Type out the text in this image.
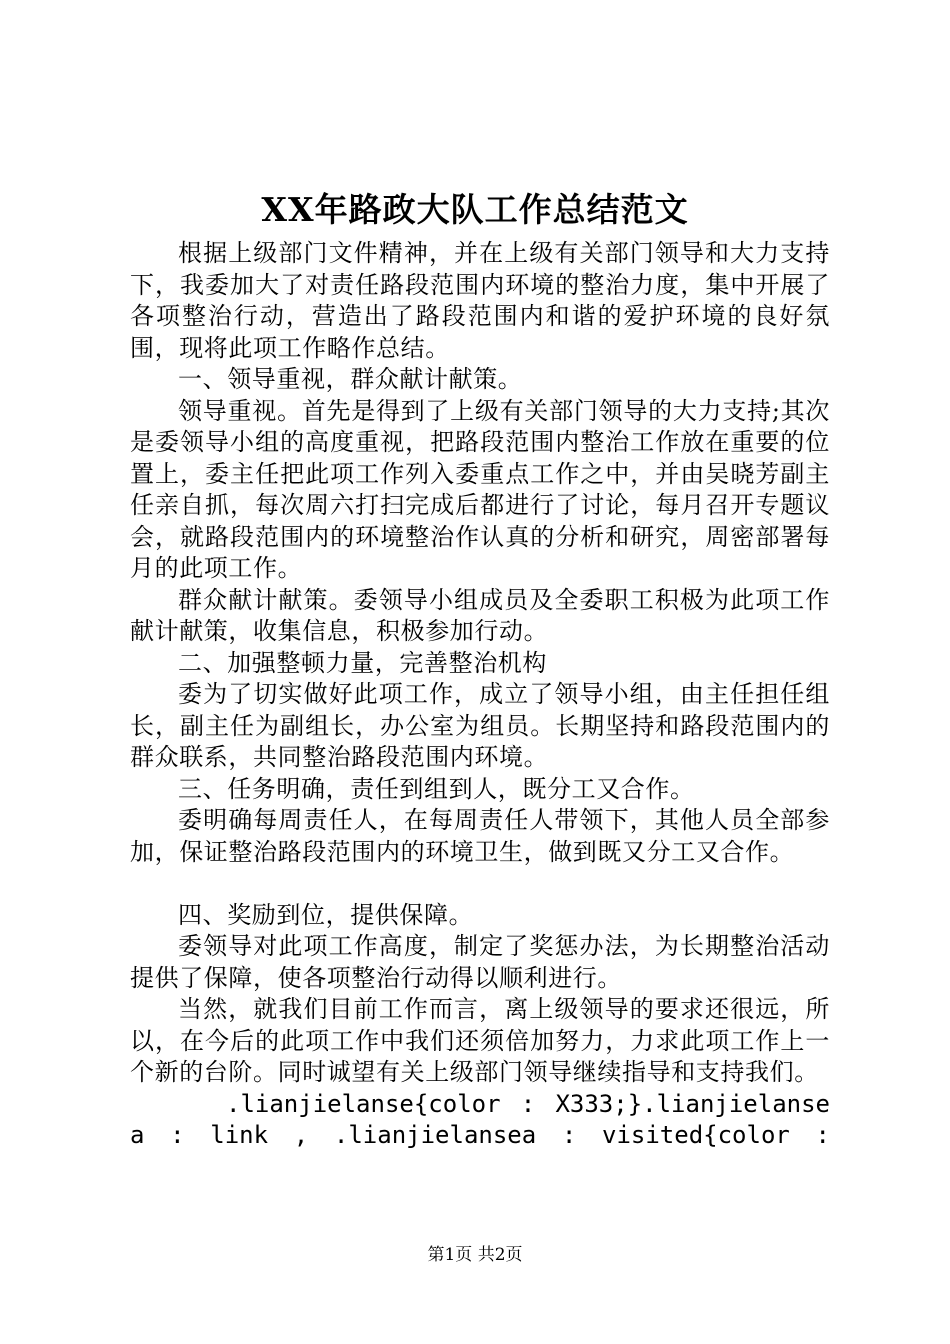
XX年路政大队工作总结范文

根据上级部门文件精神，并在上级有关部门领导和大力支持下，我委加大了对责任路段范围内环境的整治力度，集中开展了各项整治行动，营造出了路段范围内和谐的爱护环境的良好氛围，现将此项工作略作总结。

一、领导重视，群众献计献策。

领导重视。首先是得到了上级有关部门领导的大力支持;其次是委领导小组的高度重视，把路段范围内整治工作放在重要的位置上，委主任把此项工作列入委重点工作之中，并由吴晓芳副主任亲自抓，每次周六打扫完成后都进行了讨论，每月召开专题议会，就路段范围内的环境整治作认真的分析和研究，周密部署每月的此项工作。

群众献计献策。委领导小组成员及全委职工积极为此项工作献计献策，收集信息，积极参加行动。

二、加强整顿力量，完善整治机构

委为了切实做好此项工作，成立了领导小组，由主任担任组长，副主任为副组长，办公室为组员。长期坚持和路段范围内的群众联系，共同整治路段范围内环境。

三、任务明确，责任到组到人，既分工又合作。

委明确每周责任人，在每周责任人带领下，其他人员全部参加，保证整治路段范围内的环境卫生，做到既又分工又合作。

四、奖励到位，提供保障。

委领导对此项工作高度，制定了奖惩办法，为长期整治活动提供了保障，使各项整治行动得以顺利进行。

当然，就我们目前工作而言，离上级领导的要求还很远，所以，在今后的此项工作中我们还须倍加努力，力求此项工作上一个新的台阶。同时诚望有关上级部门领导继续指导和支持我们。

.lianjielanse{color : X333;}.lianjielansea : link , .lianjielansea : visited{color :

第1页 共2页
